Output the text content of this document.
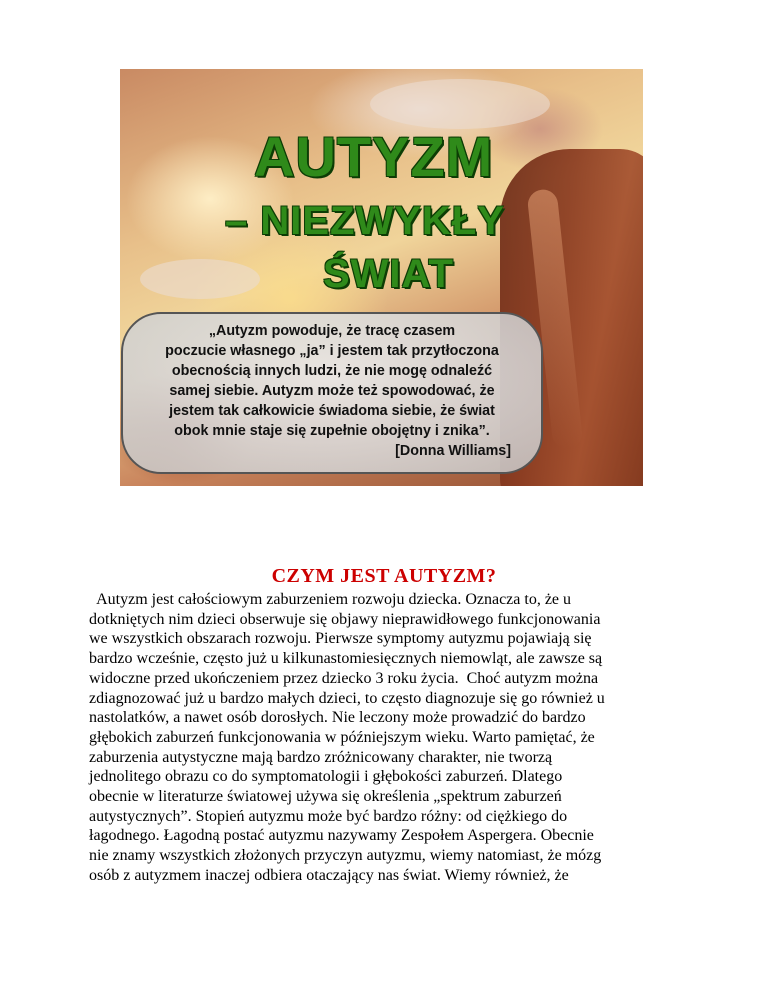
AUTYZM
– NIEZWYKŁY
ŚWIAT
„Autyzm powoduje, że tracę czasem
poczucie własnego „ja” i jestem tak przytłoczona
obecnością innych ludzi, że nie mogę odnaleźć
samej siebie. Autyzm może też spowodować, że
jestem tak całkowicie świadoma siebie, że świat
obok mnie staje się zupełnie obojętny i znika”.
[Donna Williams]
CZYM JEST AUTYZM?
Autyzm jest całościowym zaburzeniem rozwoju dziecka. Oznacza to, że u
dotkniętych nim dzieci obserwuje się objawy nieprawidłowego funkcjonowania
we wszystkich obszarach rozwoju. Pierwsze symptomy autyzmu pojawiają się
bardzo wcześnie, często już u kilkunastomiesięcznych niemowląt, ale zawsze są
widoczne przed ukończeniem przez dziecko 3 roku życia.  Choć autyzm można
zdiagnozować już u bardzo małych dzieci, to często diagnozuje się go również u
nastolatków, a nawet osób dorosłych. Nie leczony może prowadzić do bardzo
głębokich zaburzeń funkcjonowania w późniejszym wieku. Warto pamiętać, że
zaburzenia autystyczne mają bardzo zróżnicowany charakter, nie tworzą
jednolitego obrazu co do symptomatologii i głębokości zaburzeń. Dlatego
obecnie w literaturze światowej używa się określenia „spektrum zaburzeń
autystycznych”. Stopień autyzmu może być bardzo różny: od ciężkiego do
łagodnego. Łagodną postać autyzmu nazywamy Zespołem Aspergera. Obecnie
nie znamy wszystkich złożonych przyczyn autyzmu, wiemy natomiast, że mózg
osób z autyzmem inaczej odbiera otaczający nas świat. Wiemy również, że
